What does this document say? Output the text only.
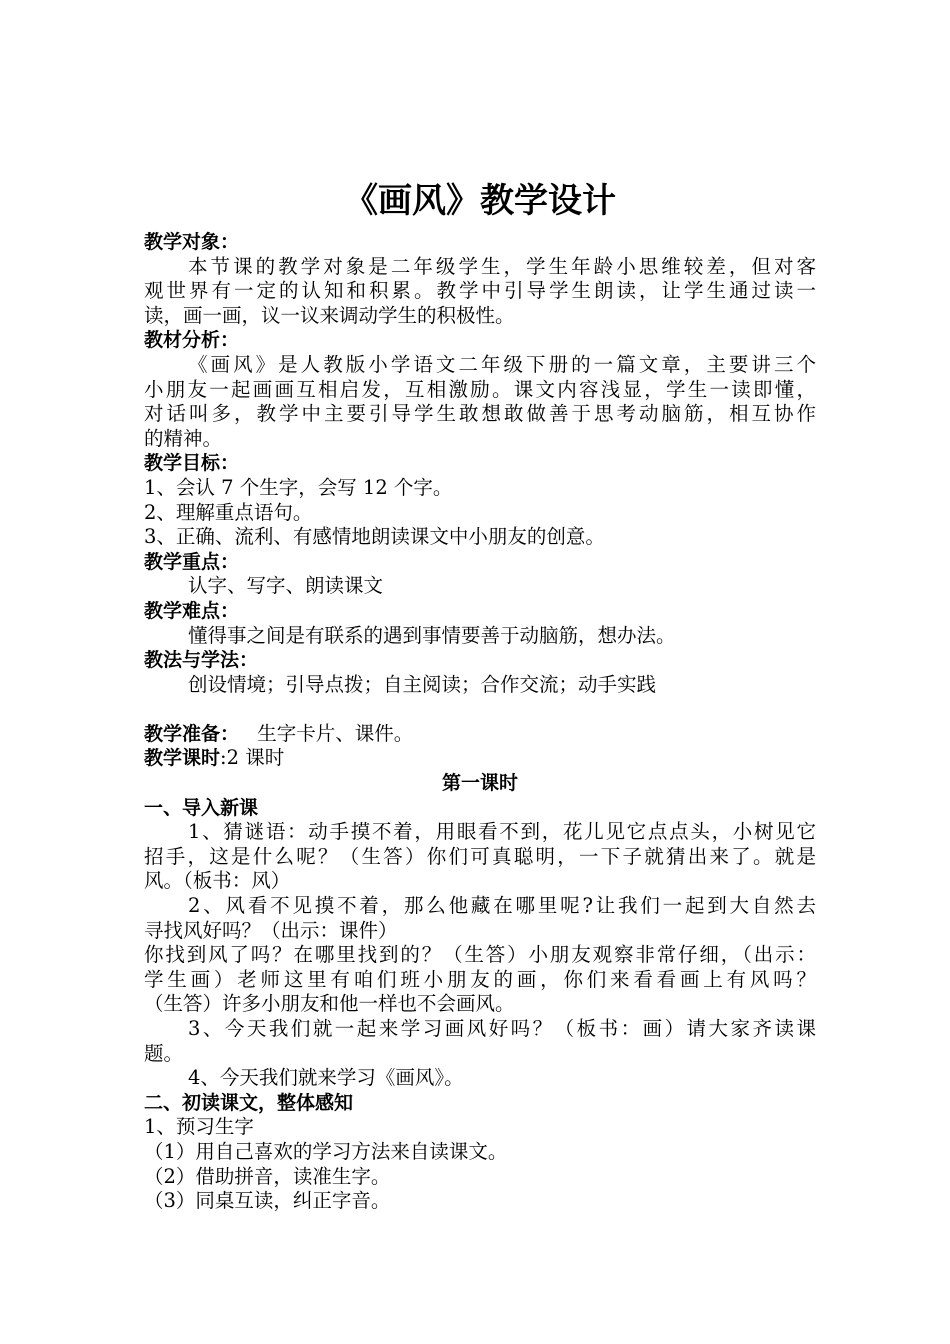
《画风》教学设计
教学对象：
本节课的教学对象是二年级学生，学生年龄小思维较差，但对客
观世界有一定的认知和积累。教学中引导学生朗读，让学生通过读一
读，画一画，议一议来调动学生的积极性。
教材分析：
《画风》是人教版小学语文二年级下册的一篇文章，主要讲三个
小朋友一起画画互相启发，互相激励。课文内容浅显，学生一读即懂，
对话叫多，教学中主要引导学生敢想敢做善于思考动脑筋，相互协作
的精神。
教学目标：
1、会认 7 个生字，会写 12 个字。
2、理解重点语句。
3、正确、流利、有感情地朗读课文中小朋友的创意。
教学重点：
认字、写字、朗读课文
教学难点：
懂得事之间是有联系的遇到事情要善于动脑筋，想办法。
教法与学法：
创设情境；引导点拨；自主阅读；合作交流；动手实践
教学准备： 生字卡片、课件。
教学课时:2 课时
第一课时
一、导入新课
1、猜谜语：动手摸不着，用眼看不到，花儿见它点点头，小树见它
招手，这是什么呢？（生答）你们可真聪明，一下子就猜出来了。就是
风。（板书：风）
2、风看不见摸不着，那么他藏在哪里呢?让我们一起到大自然去
寻找风好吗？（出示：课件）
你找到风了吗？在哪里找到的？（生答）小朋友观察非常仔细，（出示：
学生画）老师这里有咱们班小朋友的画，你们来看看画上有风吗？
（生答）许多小朋友和他一样也不会画风。
3、今天我们就一起来学习画风好吗？（板书：画）请大家齐读课
题。
4、今天我们就来学习《画风》。
二、初读课文，整体感知
1、预习生字
（1）用自己喜欢的学习方法来自读课文。
（2）借助拼音，读准生字。
（3）同桌互读，纠正字音。
